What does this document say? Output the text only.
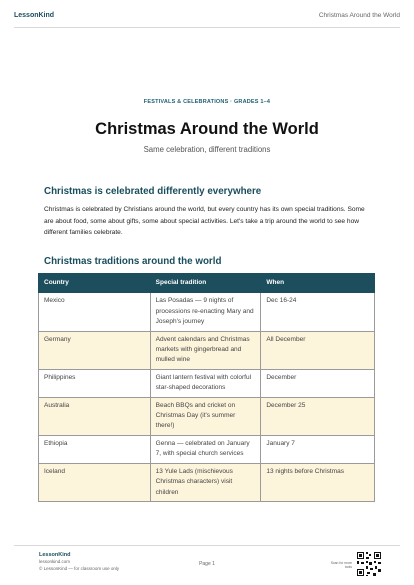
LessonKind	Christmas Around the World
FESTIVALS & CELEBRATIONS · GRADES 1–4
Christmas Around the World
Same celebration, different traditions
Christmas is celebrated differently everywhere

Christmas is celebrated by Christians around the world, but every country has its own special traditions. Some are about food, some about gifts, some about special activities. Let's take a trip around the world to see how different families celebrate.

Christmas traditions around the world
Country	Special tradition	When
Mexico	Las Posadas — 9 nights of processions re-enacting Mary and Joseph's journey	Dec 16-24
Germany	Advent calendars and Christmas markets with gingerbread and mulled wine	All December
Philippines	Giant lantern festival with colorful star-shaped decorations	December
Australia	Beach BBQs and cricket on Christmas Day (it's summer there!)	December 25
Ethiopia	Genna — celebrated on January 7, with special church services	January 7
Iceland	13 Yule Lads (mischievous Christmas characters) visit children	13 nights before Christmas
LessonKind
lessonkind.com
© LessonKind — for classroom use only
Page 1	Scan for more tools
